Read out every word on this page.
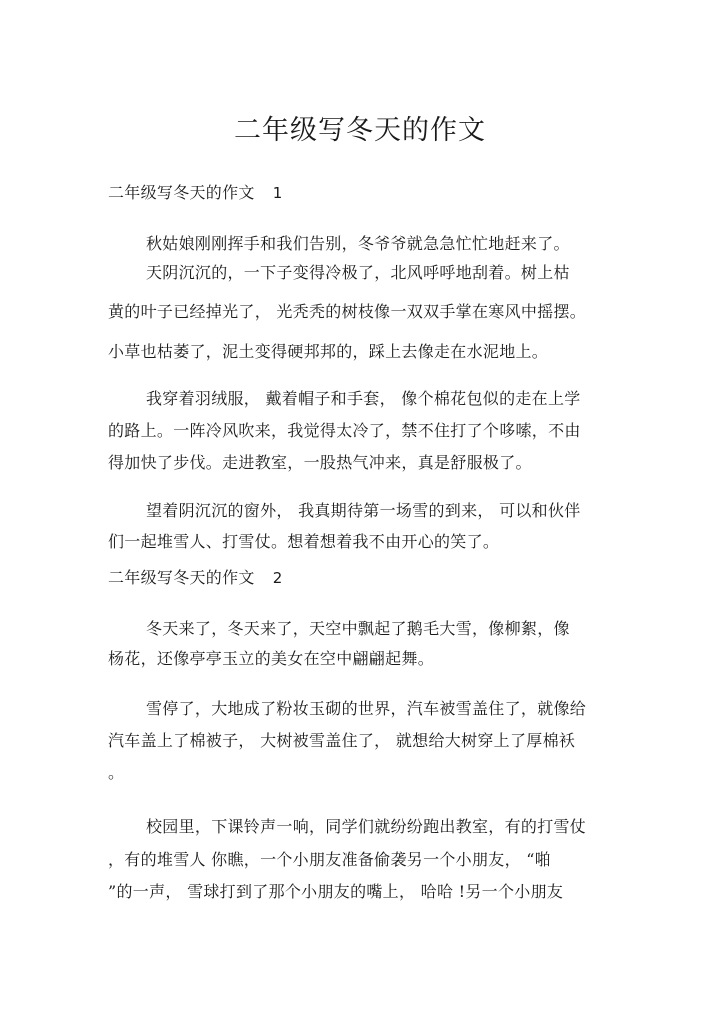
二年级写冬天的作文
二年级写冬天的作文 1
秋姑娘刚刚挥手和我们告别，冬爷爷就急急忙忙地赶来了。
天阴沉沉的，一下子变得冷极了，北风呼呼地刮着。树上枯
黄的叶子已经掉光了， 光秃秃的树枝像一双双手掌在寒风中摇摆。
小草也枯萎了，泥土变得硬邦邦的，踩上去像走在水泥地上。
我穿着羽绒服， 戴着帽子和手套， 像个棉花包似的走在上学
的路上。一阵冷风吹来，我觉得太冷了，禁不住打了个哆嗦，不由
得加快了步伐。走进教室，一股热气冲来，真是舒服极了。
望着阴沉沉的窗外， 我真期待第一场雪的到来， 可以和伙伴
们一起堆雪人、打雪仗。想着想着我不由开心的笑了。
二年级写冬天的作文 2
冬天来了，冬天来了，天空中飘起了鹅毛大雪，像柳絮，像
杨花，还像亭亭玉立的美女在空中翩翩起舞。
雪停了，大地成了粉妆玉砌的世界，汽车被雪盖住了，就像给
汽车盖上了棉被子， 大树被雪盖住了， 就想给大树穿上了厚棉袄
。
校园里，下课铃声一响，同学们就纷纷跑出教室，有的打雪仗
，有的堆雪人 你瞧，一个小朋友准备偷袭另一个小朋友， “啪
”的一声， 雪球打到了那个小朋友的嘴上， 哈哈 !另一个小朋友
